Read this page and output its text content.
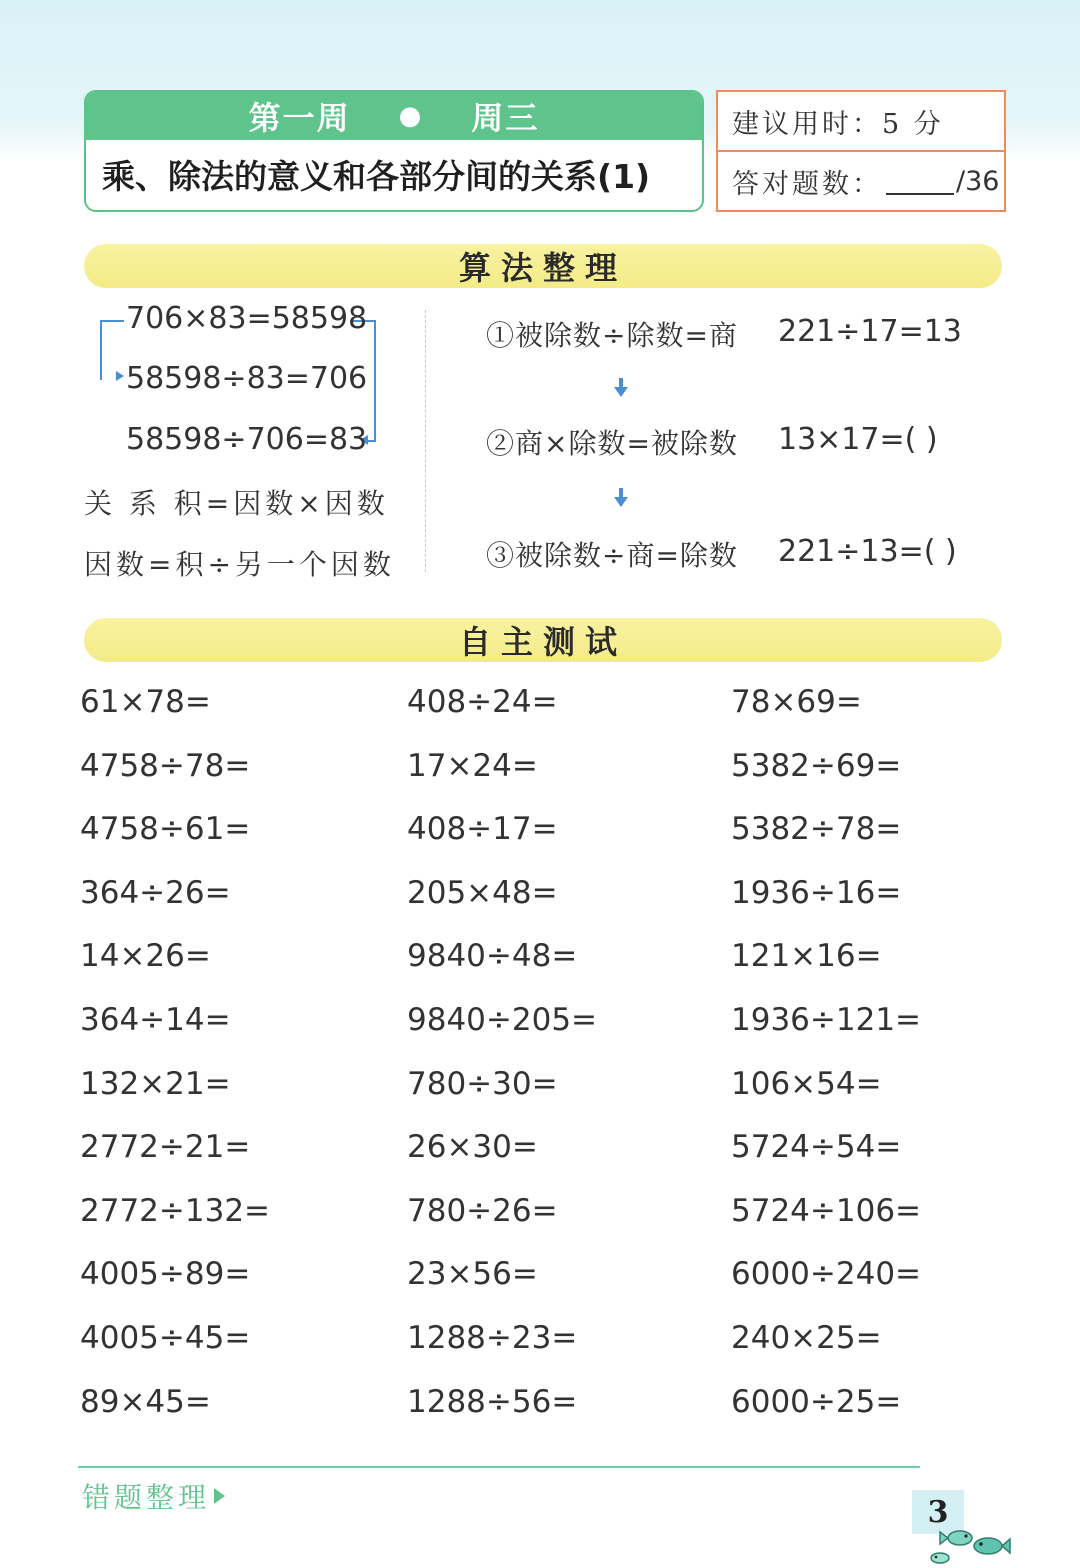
第一周 ● 周三
乘、除法的意义和各部分间的关系(1)
建议用时：5 分
答对题数：	/36
算法整理
706×83=58598
58598÷83=706
58598÷706=83
关 系 积=因数×因数
因数=积÷另一个因数
①被除数÷除数=商 221÷17=13
②商×除数=被除数 13×17=( )
③被除数÷商=除数 221÷13=( )
自主测试
61×78=
4758÷78=
4758÷61=
364÷26=
14×26=
364÷14=
132×21=
2772÷21=
2772÷132=
4005÷89=
4005÷45=
89×45=
408÷24=
17×24=
408÷17=
205×48=
9840÷48=
9840÷205=
780÷30=
26×30=
780÷26=
23×56=
1288÷23=
1288÷56=
78×69=
5382÷69=
5382÷78=
1936÷16=
121×16=
1936÷121=
106×54=
5724÷54=
5724÷106=
6000÷240=
240×25=
6000÷25=
错题整理	3
